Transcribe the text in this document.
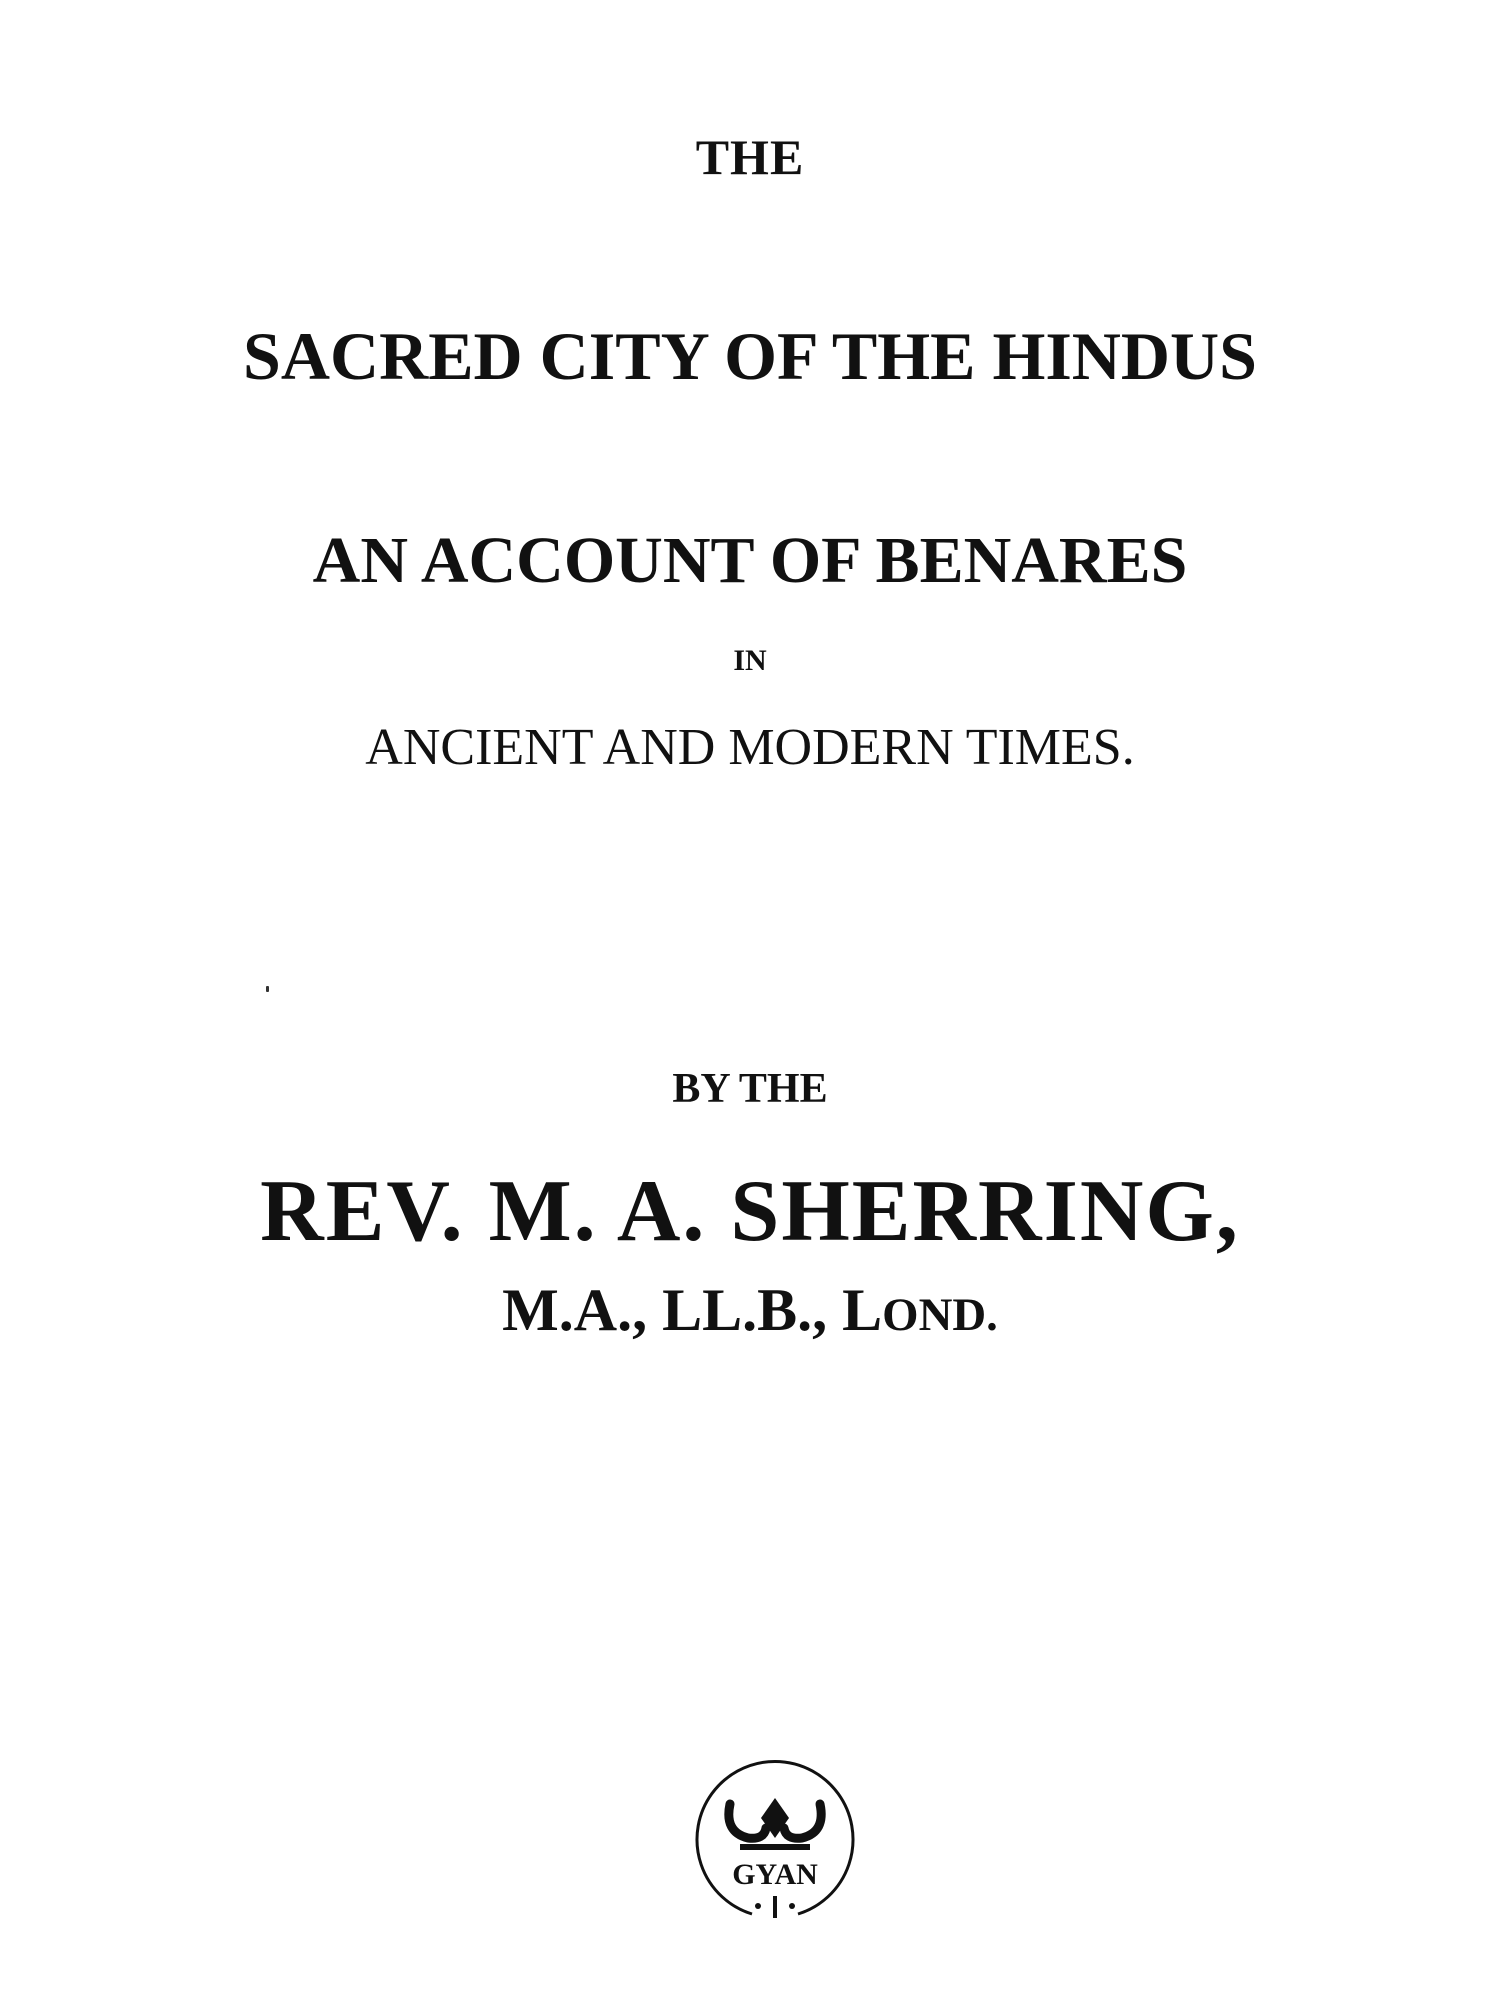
THE
SACRED CITY OF THE HINDUS
AN ACCOUNT OF BENARES
IN
ANCIENT AND MODERN TIMES.
BY THE
REV. M. A. SHERRING,
M.A., LL.B., LOND.
GYAN
